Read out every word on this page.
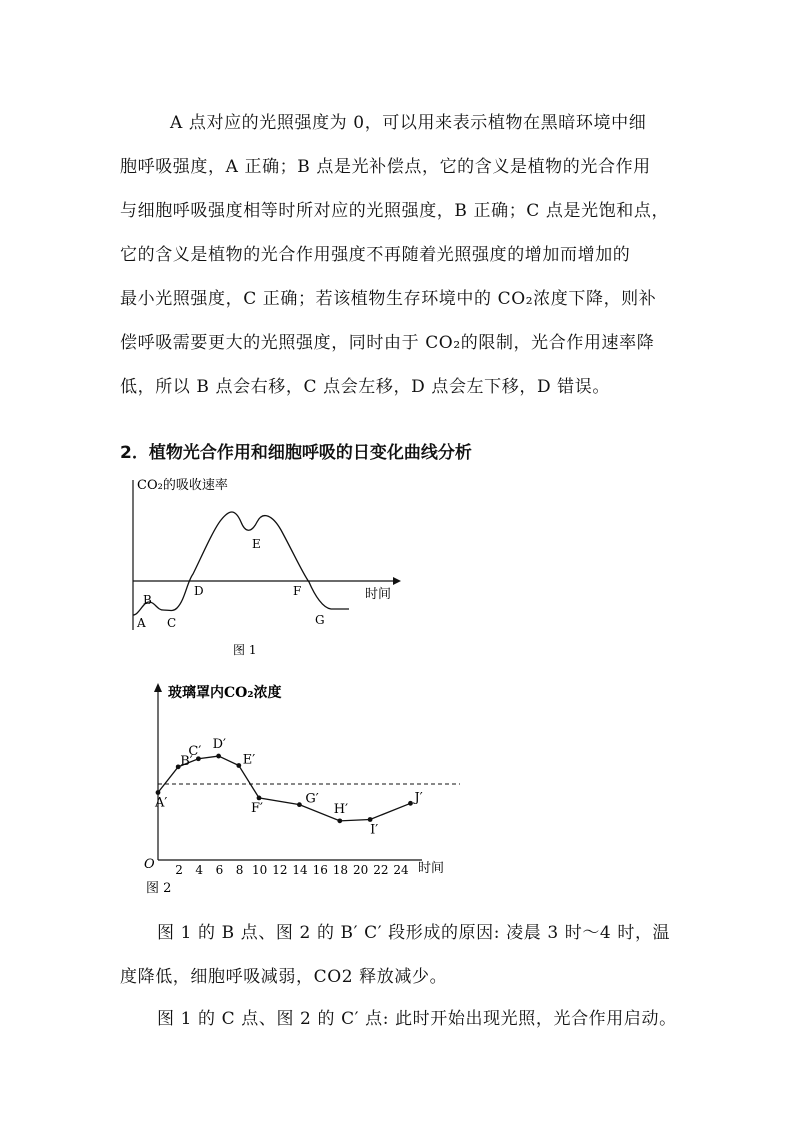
A 点对应的光照强度为 0，可以用来表示植物在黑暗环境中细
胞呼吸强度，A 正确；B 点是光补偿点，它的含义是植物的光合作用
与细胞呼吸强度相等时所对应的光照强度，B 正确；C 点是光饱和点，
它的含义是植物的光合作用强度不再随着光照强度的增加而增加的
最小光照强度，C 正确；若该植物生存环境中的 CO₂浓度下降，则补
偿呼吸需要更大的光照强度，同时由于 CO₂的限制，光合作用速率降
低，所以 B 点会右移，C 点会左移，D 点会左下移，D 错误。
2．植物光合作用和细胞呼吸的日变化曲线分析
CO₂的吸收速率
时间
A
B
C
D
E
F
G
图 1
玻璃罩内CO₂浓度
时间
O 2 4 6 8 10 12 14 16 18 20 22 24
A′
B′
C′ D′
E′
F′
G′
H′
I′
J′
图 2
图 1 的 B 点、图 2 的 B′ C′ 段形成的原因: 凌晨 3 时～4 时，温
度降低，细胞呼吸减弱，CO2 释放减少。
图 1 的 C 点、图 2 的 C′ 点: 此时开始出现光照，光合作用启动。
